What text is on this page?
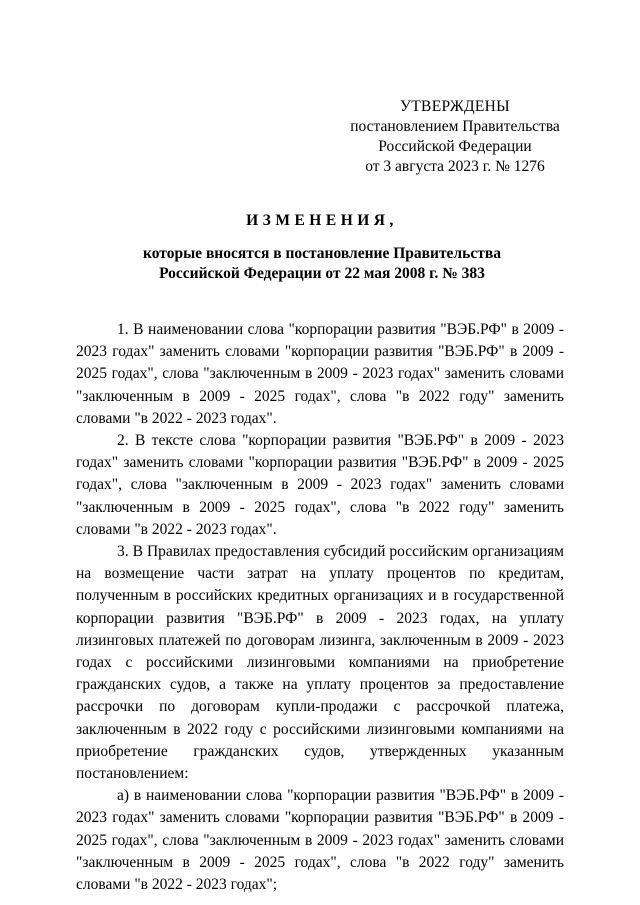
УТВЕРЖДЕНЫ
постановлением Правительства
Российской Федерации
от 3 августа 2023 г. № 1276
ИЗМЕНЕНИЯ,
которые вносятся в постановление Правительства
Российской Федерации от 22 мая 2008 г. № 383

1. В наименовании слова "корпорации развития "ВЭБ.РФ" в 2009 - 2023 годах" заменить словами "корпорации развития "ВЭБ.РФ" в 2009 - 2025 годах", слова "заключенным в 2009 - 2023 годах" заменить словами "заключенным в 2009 - 2025 годах", слова "в 2022 году" заменить словами "в 2022 - 2023 годах".

2. В тексте слова "корпорации развития "ВЭБ.РФ" в 2009 - 2023 годах" заменить словами "корпорации развития "ВЭБ.РФ" в 2009 - 2025 годах", слова "заключенным в 2009 - 2023 годах" заменить словами "заключенным в 2009 - 2025 годах", слова "в 2022 году" заменить словами "в 2022 - 2023 годах".

3. В Правилах предоставления субсидий российским организациям на возмещение части затрат на уплату процентов по кредитам, полученным в российских кредитных организациях и в государственной корпорации развития "ВЭБ.РФ" в 2009 - 2023 годах, на уплату лизинговых платежей по договорам лизинга, заключенным в 2009 - 2023 годах с российскими лизинговыми компаниями на приобретение гражданских судов, а также на уплату процентов за предоставление рассрочки по договорам купли-продажи с рассрочкой платежа, заключенным в 2022 году с российскими лизинговыми компаниями на приобретение гражданских судов, утвержденных указанным постановлением:

а) в наименовании слова "корпорации развития "ВЭБ.РФ" в 2009 - 2023 годах" заменить словами "корпорации развития "ВЭБ.РФ" в 2009 - 2025 годах", слова "заключенным в 2009 - 2023 годах" заменить словами "заключенным в 2009 - 2025 годах", слова "в 2022 году" заменить словами "в 2022 - 2023 годах";
